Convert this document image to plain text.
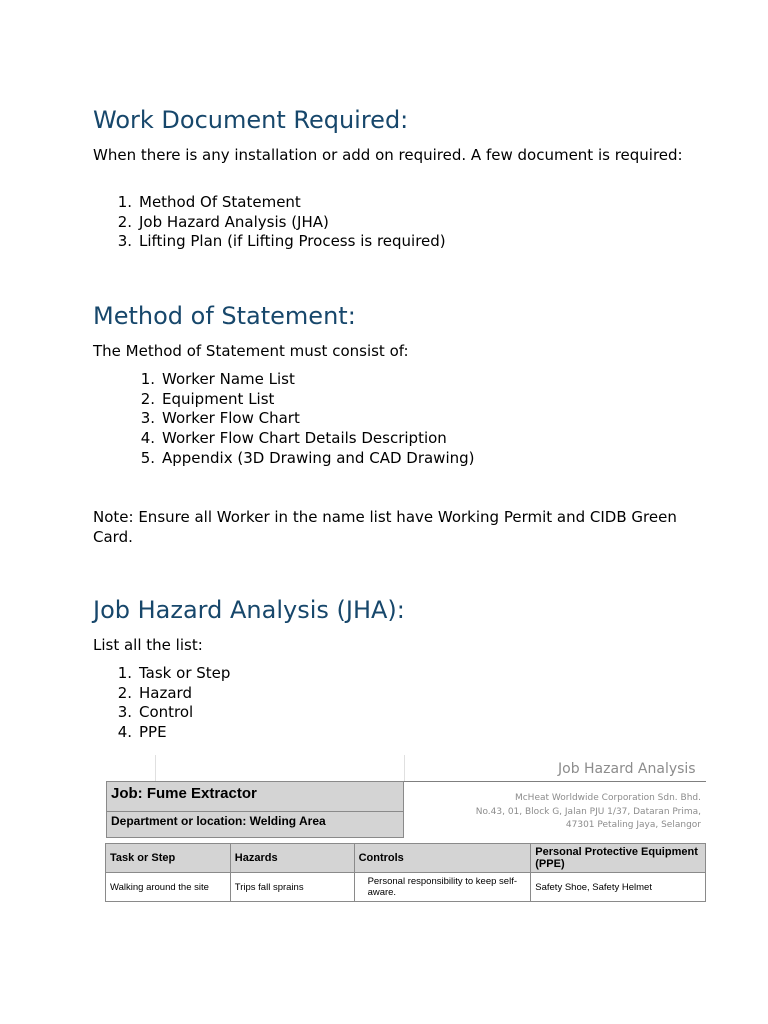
Work Document Required:

When there is any installation or add on required. A few document is required:

1. Method Of Statement
2. Job Hazard Analysis (JHA)
3. Lifting Plan (if Lifting Process is required)
Method of Statement:

The Method of Statement must consist of:

1. Worker Name List
2. Equipment List
3. Worker Flow Chart
4. Worker Flow Chart Details Description
5. Appendix (3D Drawing and CAD Drawing)

Note: Ensure all Worker in the name list have Working Permit and CIDB Green Card.

Job Hazard Analysis (JHA):

List all the list:

1. Task or Step
2. Hazard
3. Control
4. PPE
Job Hazard Analysis
Job: Fume Extractor
Department or location: Welding Area
McHeat Worldwide Corporation Sdn. Bhd.
No.43, 01, Block G, Jalan PJU 1/37, Dataran Prima,
47301 Petaling Jaya, Selangor
Task or Step	Hazards	Controls	Personal Protective Equipment (PPE)
Walking around the site	Trips fall sprains	Personal responsibility to keep self-aware.	Safety Shoe, Safety Helmet
